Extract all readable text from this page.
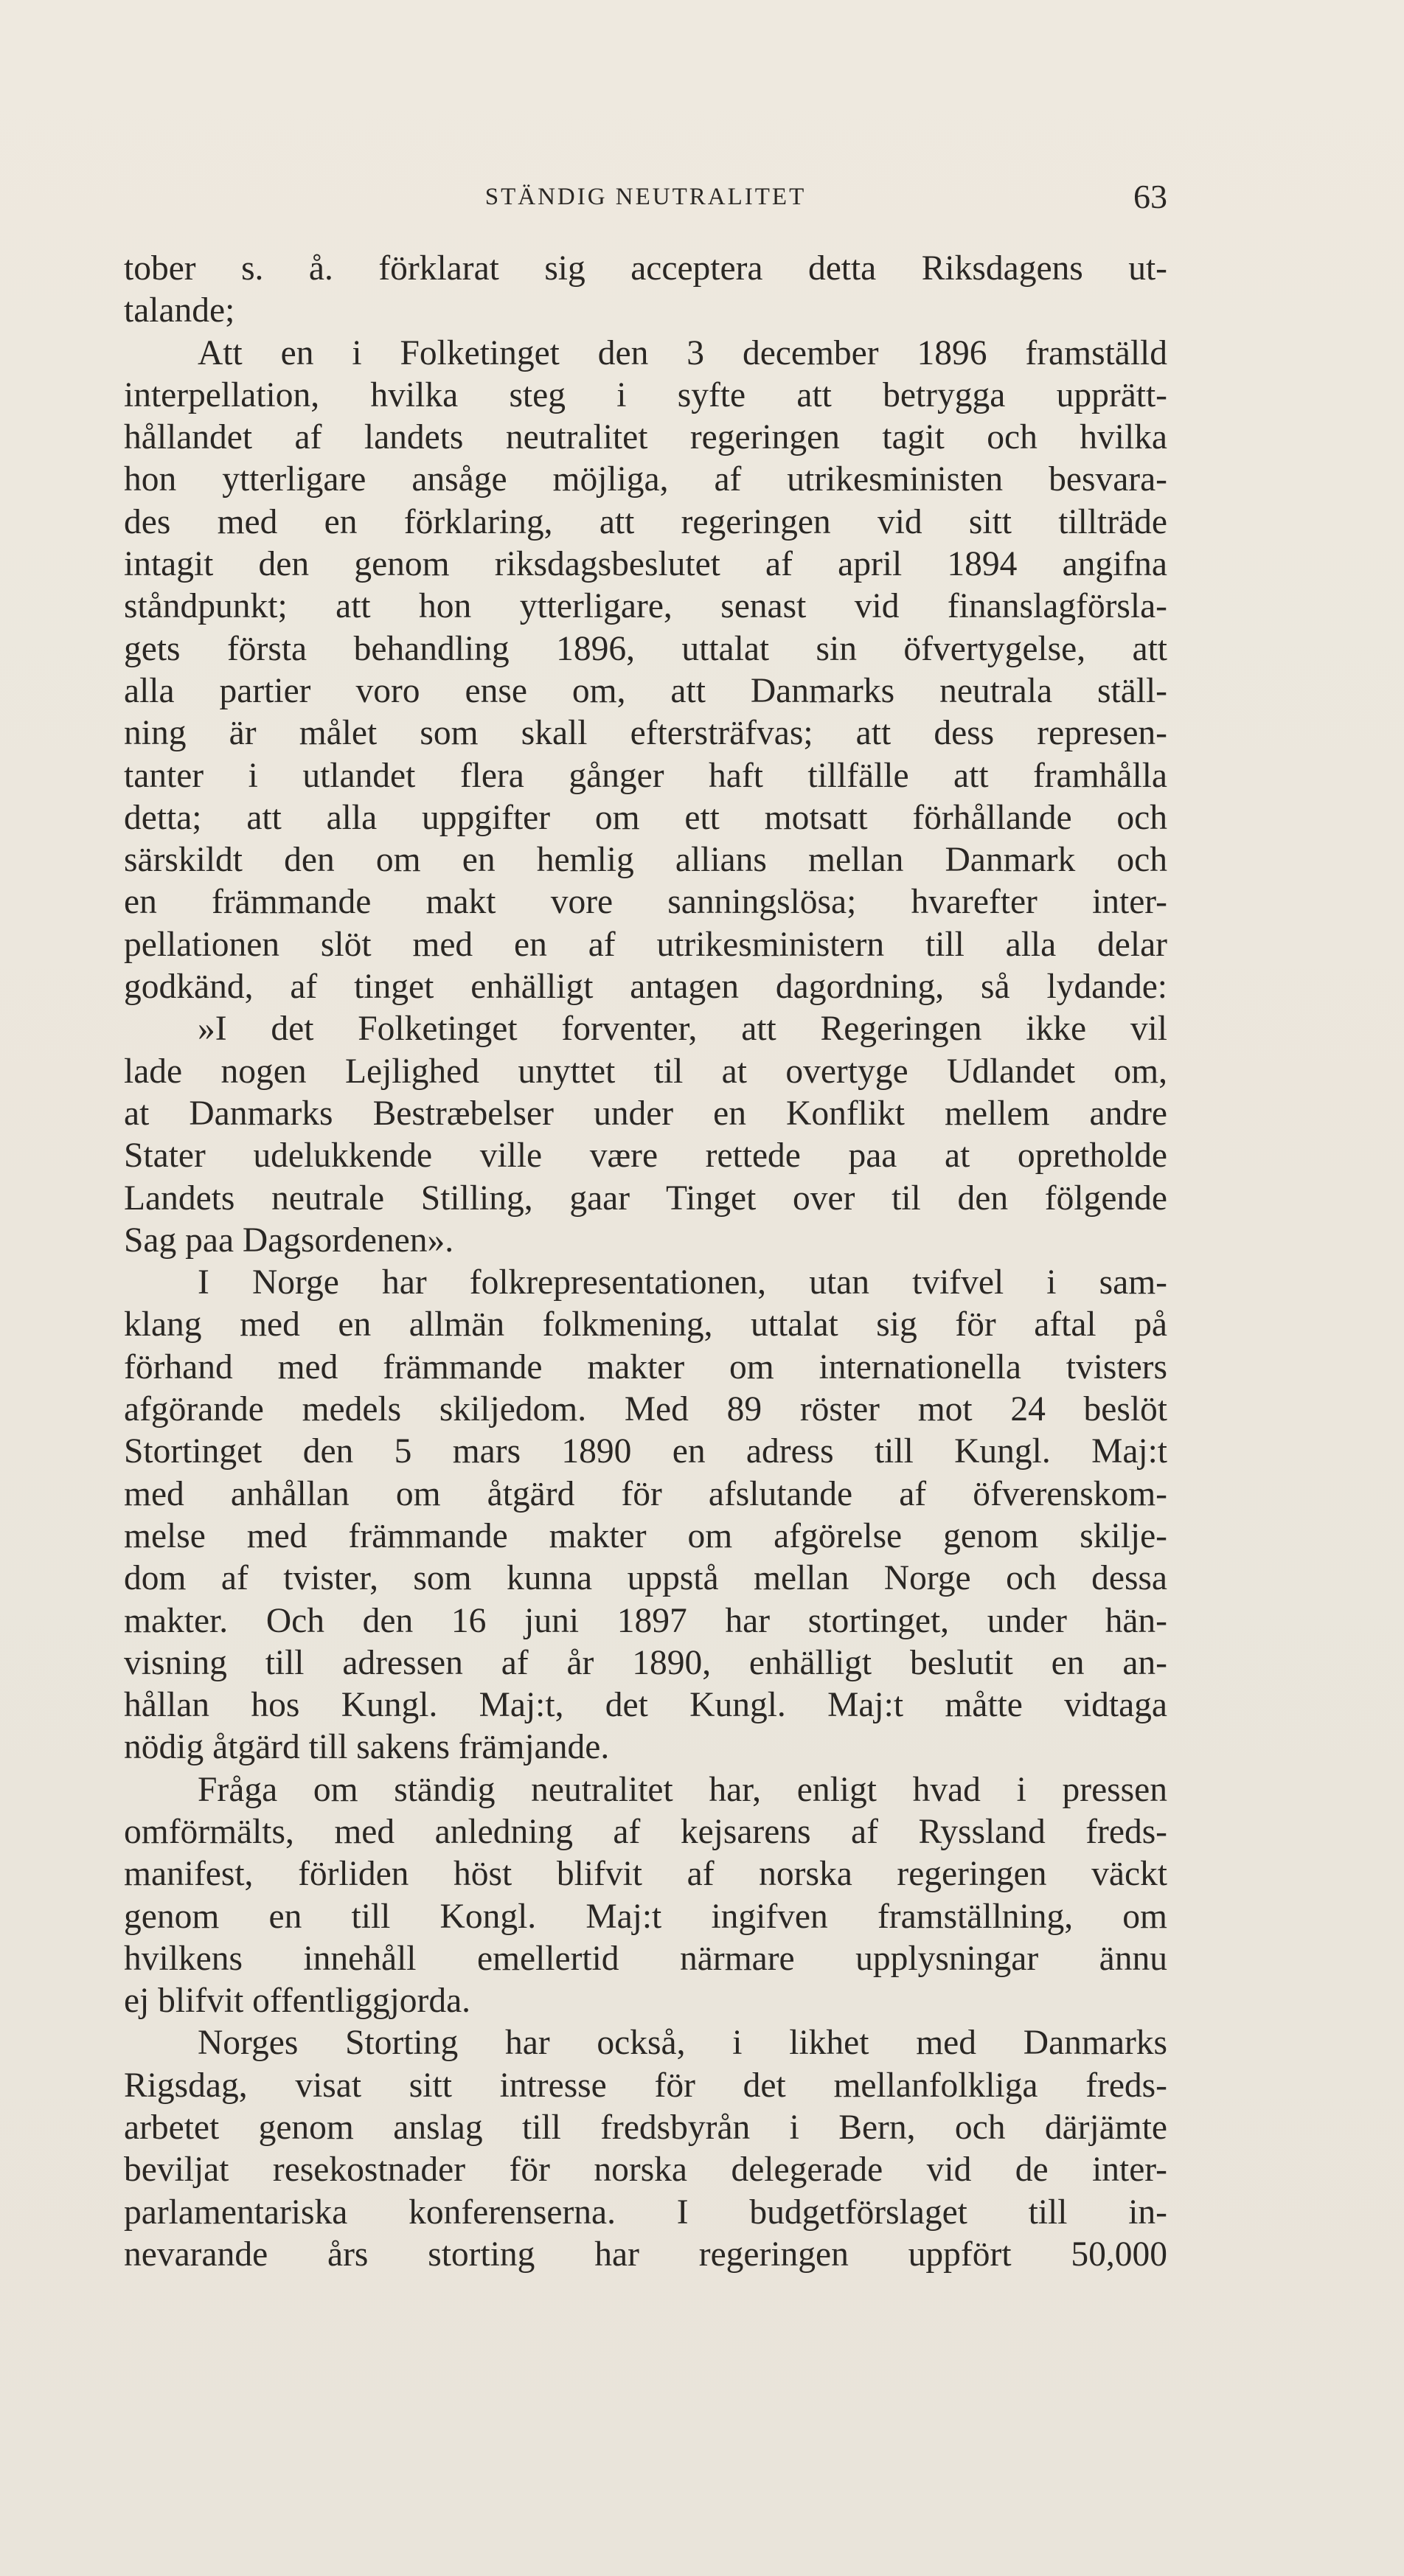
STÄNDIG NEUTRALITET	63
tober s. å. förklarat sig acceptera detta Riksdagens ut-
talande;
Att en i Folketinget den 3 december 1896 framställd
interpellation, hvilka steg i syfte att betrygga upprätt-
hållandet af landets neutralitet regeringen tagit och hvilka
hon ytterligare ansåge möjliga, af utrikesministen besvara-
des med en förklaring, att regeringen vid sitt tillträde
intagit den genom riksdagsbeslutet af april 1894 angifna
ståndpunkt; att hon ytterligare, senast vid finanslagförsla-
gets första behandling 1896, uttalat sin öfvertygelse, att
alla partier voro ense om, att Danmarks neutrala ställ-
ning är målet som skall eftersträfvas; att dess represen-
tanter i utlandet flera gånger haft tillfälle att framhålla
detta; att alla uppgifter om ett motsatt förhållande och
särskildt den om en hemlig allians mellan Danmark och
en främmande makt vore sanningslösa; hvarefter inter-
pellationen slöt med en af utrikesministern till alla delar
godkänd, af tinget enhälligt antagen dagordning, så lydande:
»I det Folketinget forventer, att Regeringen ikke vil
lade nogen Lejlighed unyttet til at overtyge Udlandet om,
at Danmarks Bestræbelser under en Konflikt mellem andre
Stater udelukkende ville være rettede paa at opretholde
Landets neutrale Stilling, gaar Tinget over til den fölgende
Sag paa Dagsordenen».
I Norge har folkrepresentationen, utan tvifvel i sam-
klang med en allmän folkmening, uttalat sig för aftal på
förhand med främmande makter om internationella tvisters
afgörande medels skiljedom. Med 89 röster mot 24 beslöt
Stortinget den 5 mars 1890 en adress till Kungl. Maj:t
med anhållan om åtgärd för afslutande af öfverenskom-
melse med främmande makter om afgörelse genom skilje-
dom af tvister, som kunna uppstå mellan Norge och dessa
makter. Och den 16 juni 1897 har stortinget, under hän-
visning till adressen af år 1890, enhälligt beslutit en an-
hållan hos Kungl. Maj:t, det Kungl. Maj:t måtte vidtaga
nödig åtgärd till sakens främjande.
Fråga om ständig neutralitet har, enligt hvad i pressen
omförmälts, med anledning af kejsarens af Ryssland freds-
manifest, förliden höst blifvit af norska regeringen väckt
genom en till Kongl. Maj:t ingifven framställning, om
hvilkens innehåll emellertid närmare upplysningar ännu
ej blifvit offentliggjorda.
Norges Storting har också, i likhet med Danmarks
Rigsdag, visat sitt intresse för det mellanfolkliga freds-
arbetet genom anslag till fredsbyrån i Bern, och därjämte
beviljat resekostnader för norska delegerade vid de inter-
parlamentariska konferenserna. I budgetförslaget till in-
nevarande års storting har regeringen uppfört 50,000
